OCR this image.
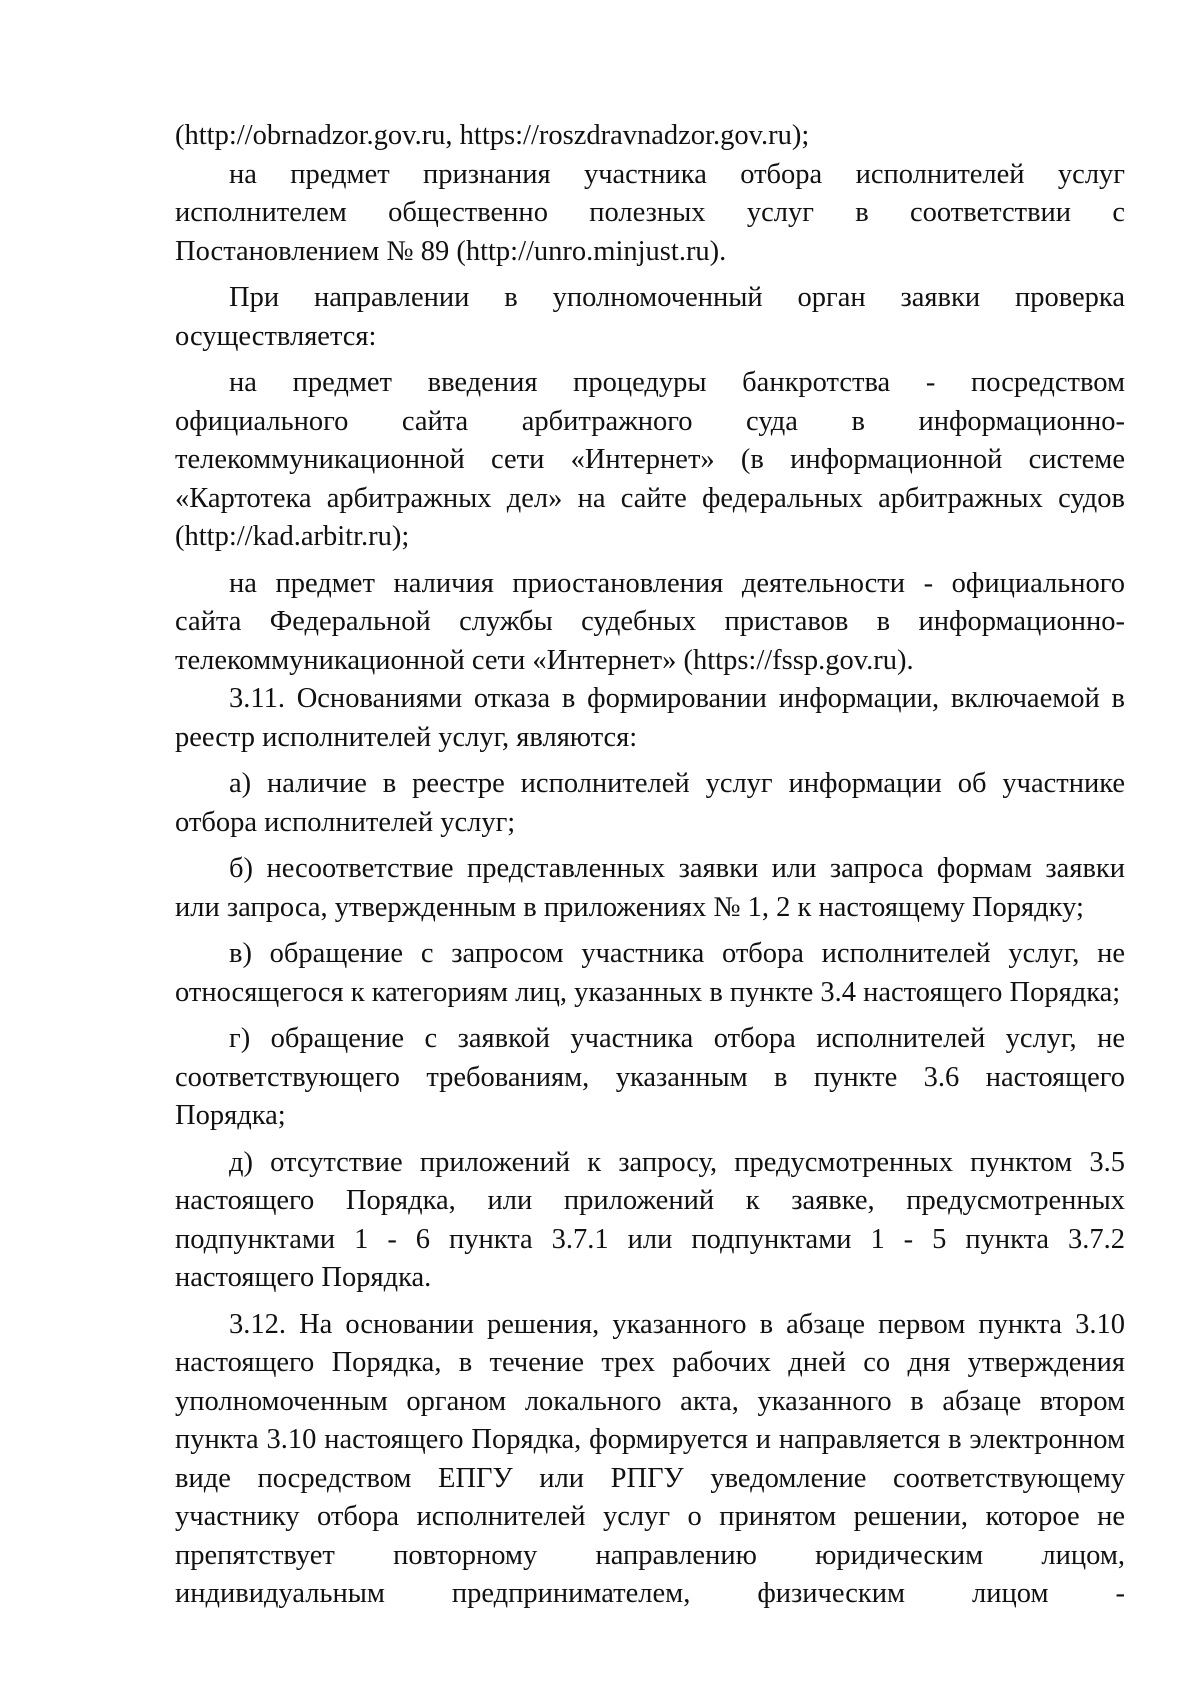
(http://obrnadzor.gov.ru, https://roszdravnadzor.gov.ru);

на предмет признания участника отбора исполнителей услуг исполнителем общественно полезных услуг в соответствии с Постановлением № 89 (http://unro.minjust.ru).

При направлении в уполномоченный орган заявки проверка осуществляется:

на предмет введения процедуры банкротства - посредством официального сайта арбитражного суда в информационно-телекоммуникационной сети «Интернет» (в информационной системе «Картотека арбитражных дел» на сайте федеральных арбитражных судов (http://kad.arbitr.ru);

на предмет наличия приостановления деятельности - официального сайта Федеральной службы судебных приставов в информационно-телекоммуникационной сети «Интернет» (https://fssp.gov.ru).

3.11. Основаниями отказа в формировании информации, включаемой в реестр исполнителей услуг, являются:

а) наличие в реестре исполнителей услуг информации об участнике отбора исполнителей услуг;

б) несоответствие представленных заявки или запроса формам заявки или запроса, утвержденным в приложениях № 1, 2 к настоящему Порядку;

в) обращение с запросом участника отбора исполнителей услуг, не относящегося к категориям лиц, указанных в пункте 3.4 настоящего Порядка;

г) обращение с заявкой участника отбора исполнителей услуг, не соответствующего требованиям, указанным в пункте 3.6 настоящего Порядка;

д) отсутствие приложений к запросу, предусмотренных пунктом 3.5 настоящего Порядка, или приложений к заявке, предусмотренных подпунктами 1 - 6 пункта 3.7.1 или подпунктами 1 - 5 пункта 3.7.2 настоящего Порядка.

3.12. На основании решения, указанного в абзаце первом пункта 3.10 настоящего Порядка, в течение трех рабочих дней со дня утверждения уполномоченным органом локального акта, указанного в абзаце втором пункта 3.10 настоящего Порядка, формируется и направляется в электронном виде посредством ЕПГУ или РПГУ уведомление соответствующему участнику отбора исполнителей услуг о принятом решении, которое не препятствует повторному направлению юридическим лицом, индивидуальным предпринимателем, физическим лицом -
